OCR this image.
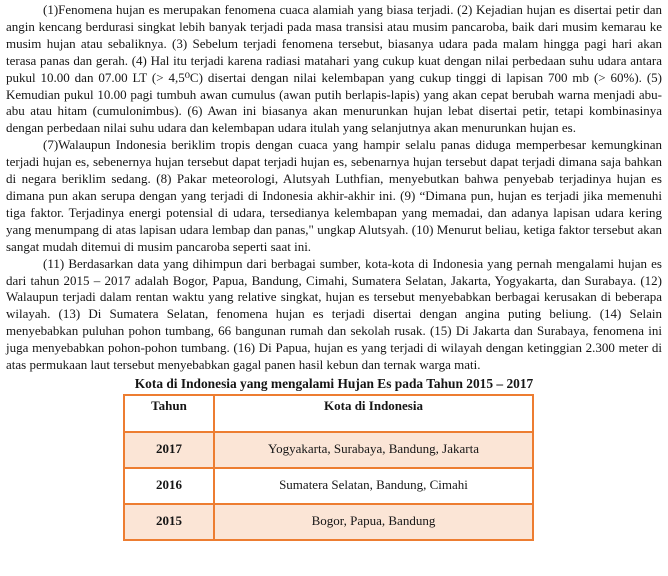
(1)Fenomena hujan es merupakan fenomena cuaca alamiah yang biasa terjadi. (2) Kejadian hujan es disertai petir dan angin kencang berdurasi singkat lebih banyak terjadi pada masa transisi atau musim pancaroba, baik dari musim kemarau ke musim hujan atau sebaliknya. (3) Sebelum terjadi fenomena tersebut, biasanya udara pada malam hingga pagi hari akan terasa panas dan gerah. (4) Hal itu terjadi karena radiasi matahari yang cukup kuat dengan nilai perbedaan suhu udara antara pukul 10.00 dan 07.00 LT (> 4,5⁰C) disertai dengan nilai kelembapan yang cukup tinggi di lapisan 700 mb (> 60%). (5) Kemudian pukul 10.00 pagi tumbuh awan cumulus (awan putih berlapis-lapis) yang akan cepat berubah warna menjadi abu-abu atau hitam (cumulonimbus). (6) Awan ini biasanya akan menurunkan hujan lebat disertai petir, tetapi kombinasinya dengan perbedaan nilai suhu udara dan kelembapan udara itulah yang selanjutnya akan menurunkan hujan es.

(7)Walaupun Indonesia beriklim tropis dengan cuaca yang hampir selalu panas diduga memperbesar kemungkinan terjadi hujan es, sebenernya hujan tersebut dapat terjadi hujan es, sebenarnya hujan tersebut dapat terjadi dimana saja bahkan di negara beriklim sedang. (8) Pakar meteorologi, Alutsyah Luthfian, menyebutkan bahwa penyebab terjadinya hujan es dimana pun akan serupa dengan yang terjadi di Indonesia akhir-akhir ini. (9) “Dimana pun, hujan es terjadi jika memenuhi tiga faktor. Terjadinya energi potensial di udara, tersedianya kelembapan yang memadai, dan adanya lapisan udara kering yang menumpang di atas lapisan udara lembap dan panas," ungkap Alutsyah. (10) Menurut beliau, ketiga faktor tersebut akan sangat mudah ditemui di musim pancaroba seperti saat ini.

(11) Berdasarkan data yang dihimpun dari berbagai sumber, kota-kota di Indonesia yang pernah mengalami hujan es dari tahun 2015 – 2017 adalah Bogor, Papua, Bandung, Cimahi, Sumatera Selatan, Jakarta, Yogyakarta, dan Surabaya. (12) Walaupun terjadi dalam rentan waktu yang relative singkat, hujan es tersebut menyebabkan berbagai kerusakan di beberapa wilayah. (13) Di Sumatera Selatan, fenomena hujan es terjadi disertai dengan angina puting beliung. (14) Selain menyebabkan puluhan pohon tumbang, 66 bangunan rumah dan sekolah rusak. (15) Di Jakarta dan Surabaya, fenomena ini juga menyebabkan pohon-pohon tumbang. (16) Di Papua, hujan es yang terjadi di wilayah dengan ketinggian 2.300 meter di atas permukaan laut tersebut menyebabkan gagal panen hasil kebun dan ternak warga mati.

Kota di Indonesia yang mengalami Hujan Es pada Tahun 2015 – 2017
Tahun	Kota di Indonesia
2017	Yogyakarta, Surabaya, Bandung, Jakarta
2016	Sumatera Selatan, Bandung, Cimahi
2015	Bogor, Papua, Bandung
